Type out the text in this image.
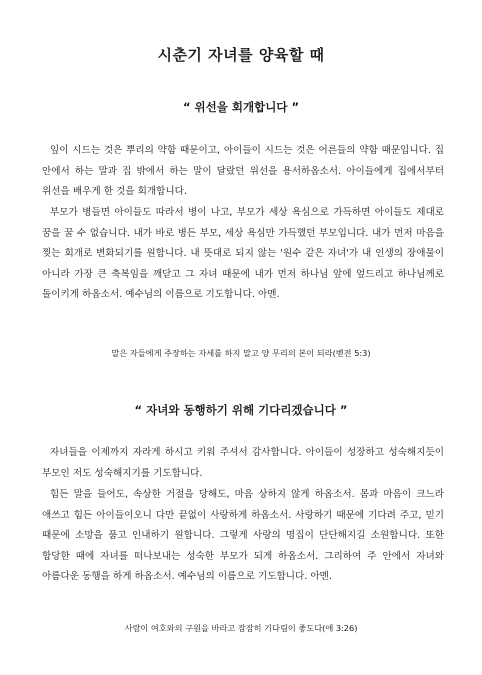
시춘기 자녀를 양육할 때
“ 위선을 회개합니다 ”

잎이 시드는 것은 뿌리의 약함 때문이고, 아이들이 시드는 것은 어른들의 약함 때문입니다. 집 안에서 하는 말과 집 밖에서 하는 말이 달랐던 위선을 용서하옵소서. 아이들에게 집에서부터 위선을 배우게 한 것을 회개합니다.

부모가 병들면 아이들도 따라서 병이 나고, 부모가 세상 욕심으로 가득하면 아이들도 제대로 꿈을 꿀 수 없습니다. 내가 바로 병든 부모, 세상 욕심만 가득했던 부모입니다. 내가 먼저 마음을 찢는 회개로 변화되기를 원합니다. 내 뜻대로 되지 않는 '원수 같은 자녀'가 내 인생의 장애물이 아니라 가장 큰 축복임을 깨닫고 그 자녀 때문에 내가 먼저 하나님 앞에 엎드리고 하나님께로 돌이키게 하옵소서. 예수님의 이름으로 기도합니다. 아멘.

말은 자들에게 주장하는 자세를 하지 말고 양 무리의 본이 되라(벧전 5:3)
“ 자녀와 동행하기 위해 기다리겠습니다 ”

자녀들을 이제까지 자라게 하시고 키워 주셔서 감사합니다. 아이들이 성장하고 성숙해지듯이 부모인 저도 성숙해지기를 기도합니다.

힘든 말을 들어도, 속상한 거절을 당해도, 마음 상하지 않게 하옵소서. 몸과 마음이 크느라 애쓰고 힘든 아이들이오니 다만 끝없이 사랑하게 하옵소서. 사랑하기 때문에 기다려 주고, 믿기 때문에 소망을 품고 인내하기 원합니다. 그렇게 사랑의 명집이 단단해지길 소원합니다. 또한 합당한 때에 자녀를 떠나보내는 성숙한 부모가 되게 하옵소서. 그리하여 주 안에서 자녀와 아름다운 동행을 하게 하옵소서. 예수님의 이름으로 기도합니다. 아멘.

사람이 여호와의 구원을 바라고 잠잠히 기다림이 좋도다(애 3:26)
